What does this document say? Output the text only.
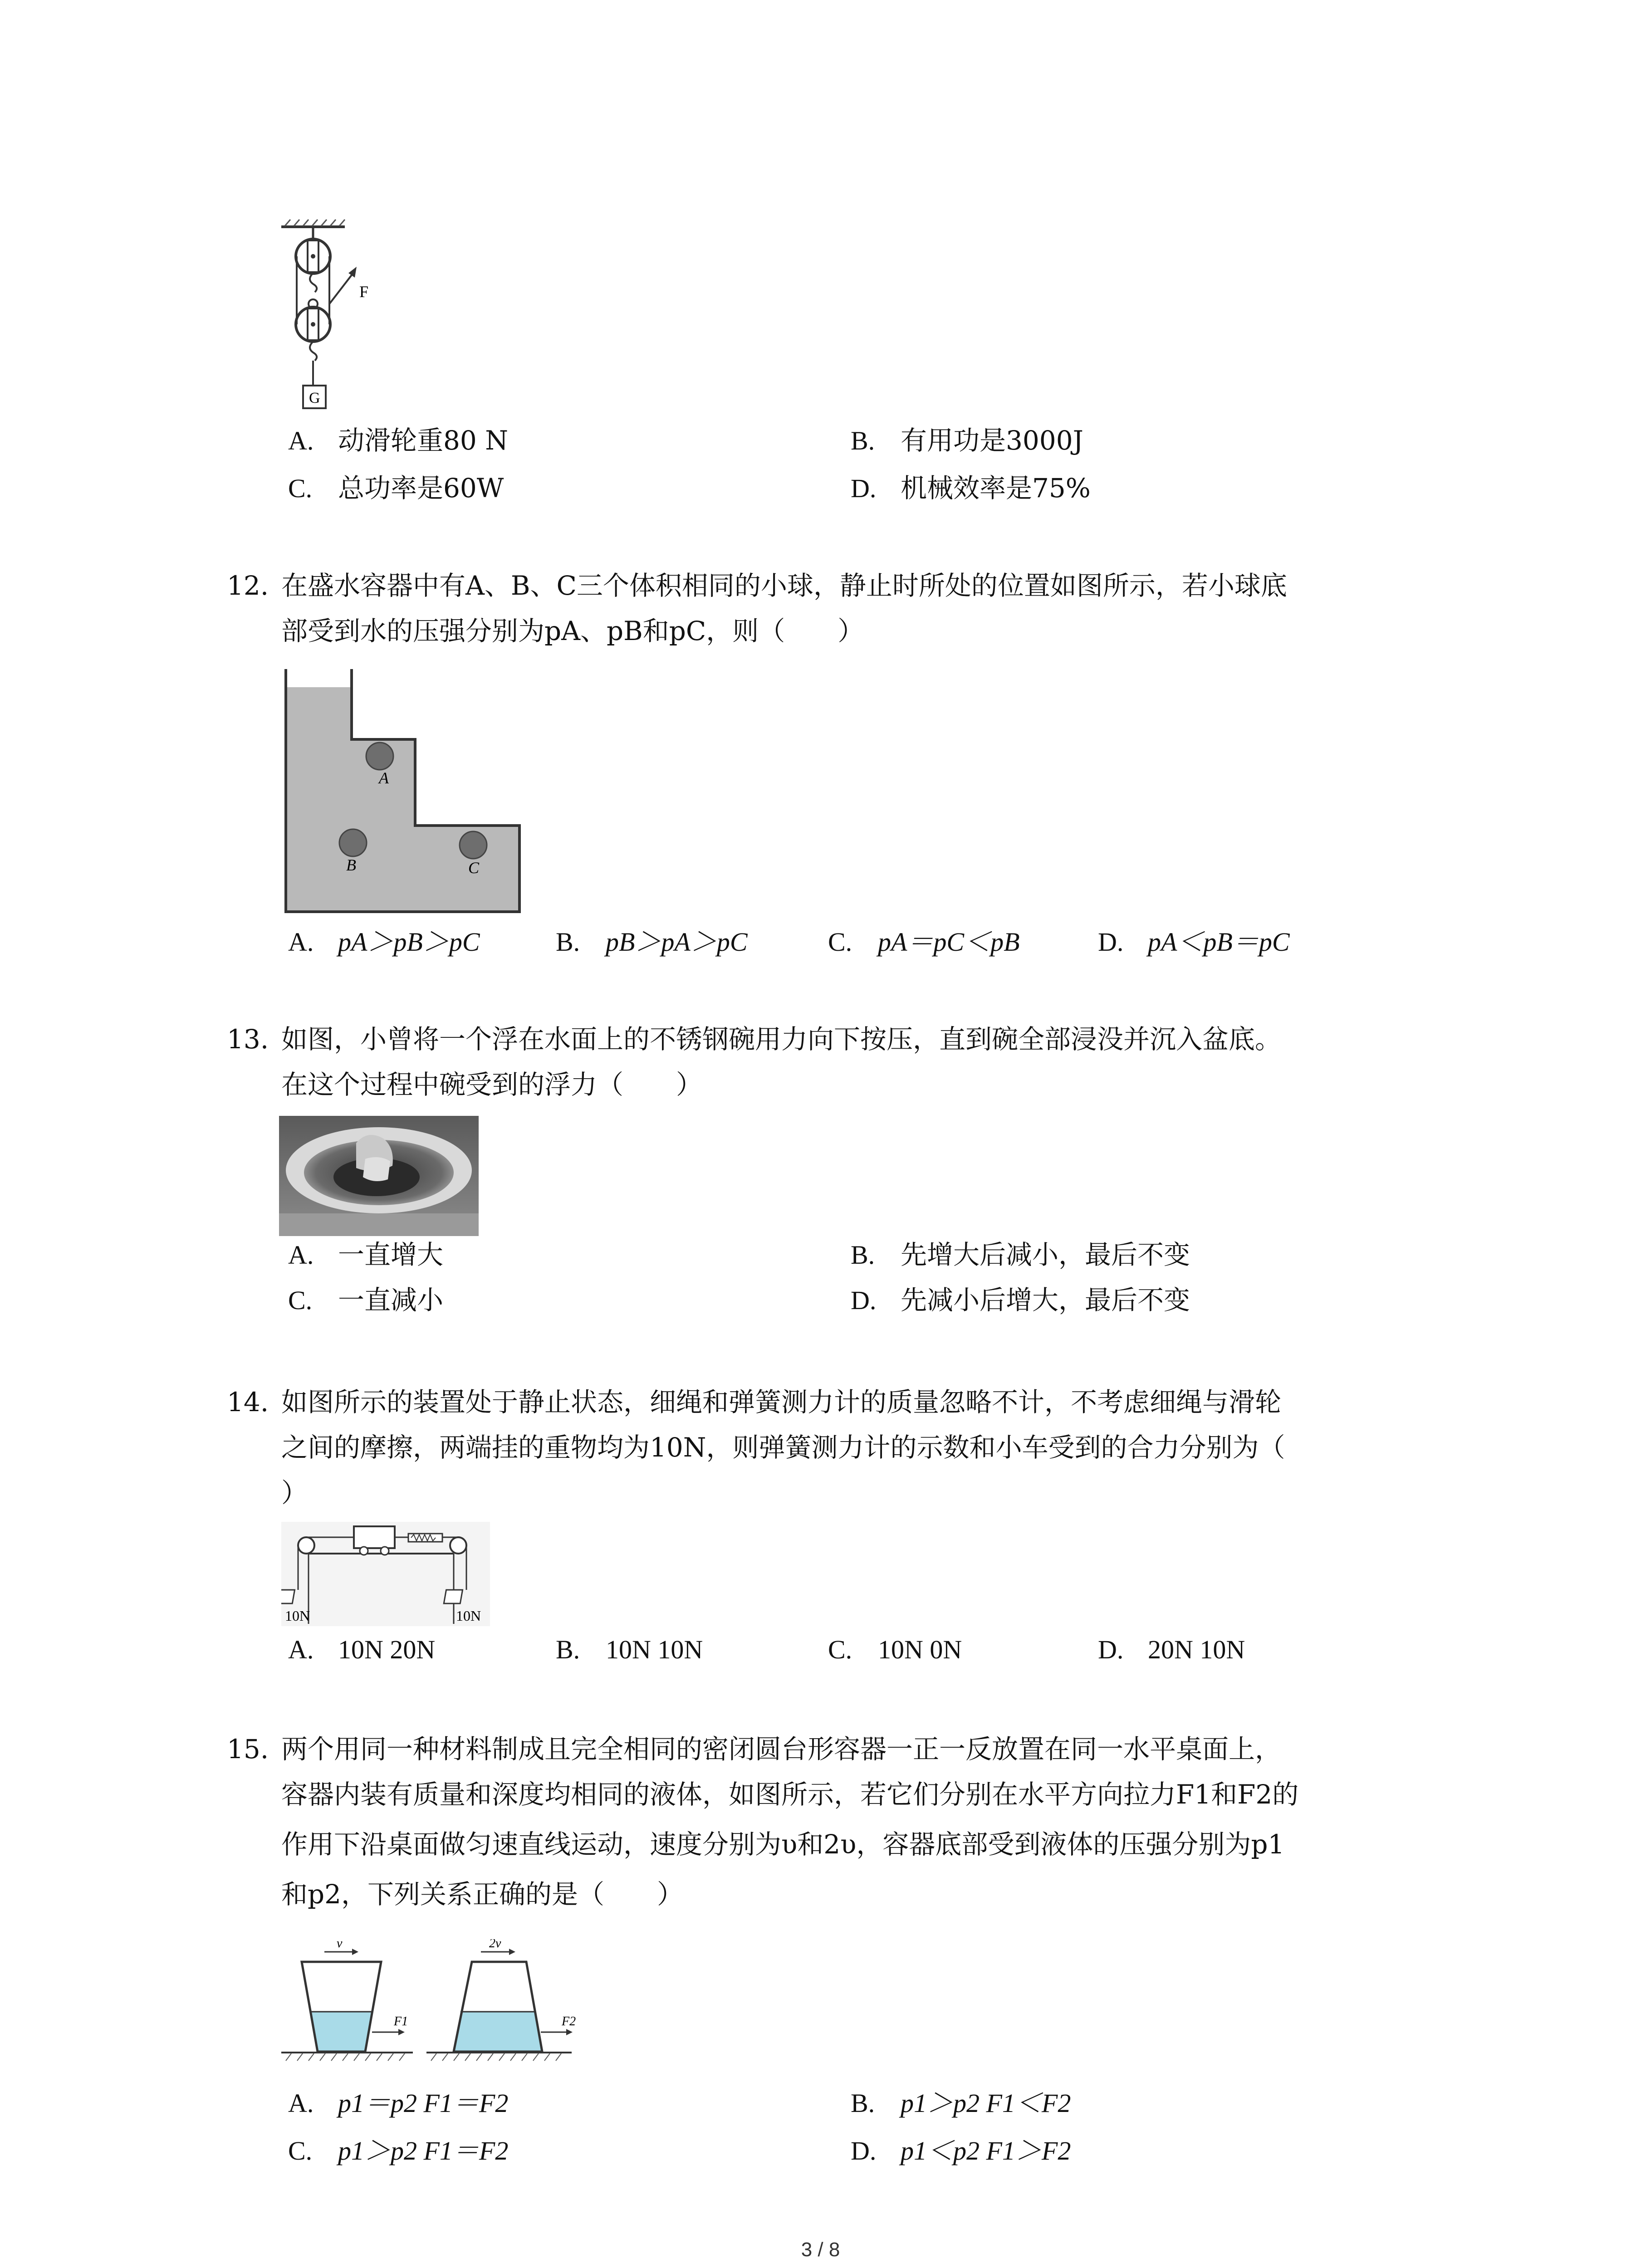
F
G
A. 动滑轮重80 N	B. 有用功是3000J
C. 总功率是60W	D. 机械效率是75%
12. 在盛水容器中有A、B、C三个体积相同的小球，静止时所处的位置如图所示，若小球底
部受到水的压强分别为pA、pB和pC，则（　　）
A
B	C
A. pA＞pB＞pC	B. pB＞pA＞pC	C. pA＝pC＜pB	D. pA＜pB＝pC
13. 如图，小曾将一个浮在水面上的不锈钢碗用力向下按压，直到碗全部浸没并沉入盆底。
在这个过程中碗受到的浮力（　　）
A. 一直增大	B. 先增大后减小，最后不变
C. 一直减小	D. 先减小后增大，最后不变
14. 如图所示的装置处于静止状态，细绳和弹簧测力计的质量忽略不计，不考虑细绳与滑轮
之间的摩擦，两端挂的重物均为10N，则弹簧测力计的示数和小车受到的合力分别为（
）
10N	10N
A. 10N 20N	B. 10N 10N	C. 10N 0N	D. 20N 10N
15. 两个用同一种材料制成且完全相同的密闭圆台形容器一正一反放置在同一水平桌面上，
容器内装有质量和深度均相同的液体，如图所示，若它们分别在水平方向拉力F1和F2的
作用下沿桌面做匀速直线运动，速度分别为υ和2υ，容器底部受到液体的压强分别为p1
和p2，下列关系正确的是（　　）
v
F1
2v
F2
A. p1＝p2 F1＝F2	B. p1＞p2 F1＜F2
C. p1＞p2 F1＝F2	D. p1＜p2 F1＞F2
3 / 8
